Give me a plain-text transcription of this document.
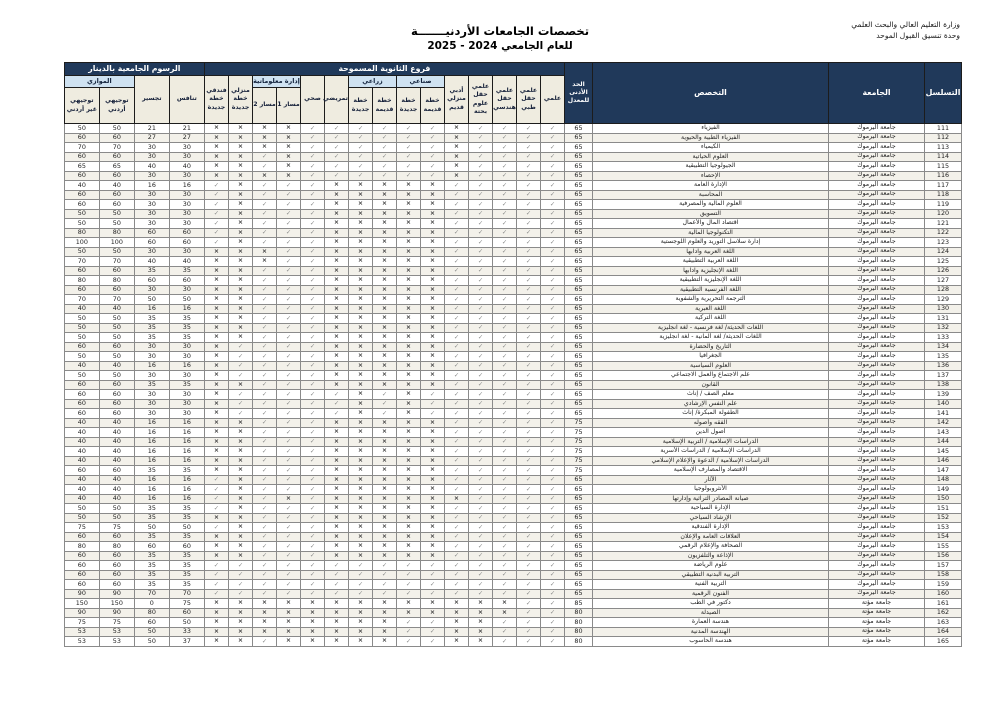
وزارة التعليم العالي والبحث العلمي
وحدة تنسيق القبول الموحد
تخصصات الجامعات الأردنيـــــــة
للعام الجامعي 2024 - 2025
التسلسل	الجامعة	التخصص	الحد الأدنى للمعدل	فروع الثانوية المسموحة															الرسوم الجامعية بالدينار			
				علمي	علمي حقل طبي	علمي حقل هندسي	علمي حقل علوم بحتة	أدبي منزلي قديم	صناعي		زراعي		تمريضي	صحي	إدارة معلوماتية		منزلي خطة جديدة	فندقي خطة جديدة	تنافس	تجسير	الموازي	
									خطة قديمة	خطة جديدة	خطة قديمة	خطة جديدة			مسار 1	مسار 2					توجيهي أردني	توجيهي غير أردني
111	جامعة اليرموك	الفيزياء	65	✓	✓	✓	✓	×	✓	✓	✓	✓	✓	✓	×	×	×	×	21	21	50	50
112	جامعة اليرموك	الفيزياء الطبية والحيوية	65	✓	✓	✓	✓	×	✓	✓	✓	✓	✓	✓	×	×	×	×	27	27	60	60
113	جامعة اليرموك	الكيمياء	65	✓	✓	✓	✓	×	✓	✓	✓	✓	✓	✓	×	×	×	×	30	30	70	70
114	جامعة اليرموك	العلوم الحياتية	65	✓	✓	✓	✓	×	✓	✓	✓	✓	✓	✓	×	✓	×	×	30	30	60	60
115	جامعة اليرموك	الجيولوجيا التطبيقية	65	✓	✓	✓	✓	×	✓	✓	✓	✓	✓	✓	×	✓	×	×	40	40	65	65
116	جامعة اليرموك	الإحصاء	65	✓	✓	✓	✓	×	✓	✓	✓	✓	✓	✓	×	×	×	×	30	30	60	60
117	جامعة اليرموك	الإدارة العامة	65	✓	✓	✓	✓	✓	×	×	×	×	×	✓	✓	✓	×	✓	16	16	40	40
118	جامعة اليرموك	المحاسبة	65	✓	✓	✓	✓	✓	×	×	×	×	×	✓	✓	✓	×	✓	30	30	60	60
119	جامعة اليرموك	العلوم المالية والمصرفية	65	✓	✓	✓	✓	✓	×	×	×	×	×	✓	✓	✓	×	✓	30	30	60	60
120	جامعة اليرموك	التسويق	65	✓	✓	✓	✓	✓	×	×	×	×	×	✓	✓	✓	×	✓	30	30	50	50
121	جامعة اليرموك	اقتصاد المال والأعمال	65	✓	✓	✓	✓	✓	×	×	×	×	×	✓	✓	✓	×	✓	30	30	50	50
122	جامعة اليرموك	التكنولوجيا المالية	65	✓	✓	✓	✓	✓	×	×	×	×	×	✓	✓	✓	×	✓	60	60	80	80
123	جامعة اليرموك	إدارة سلاسل التوريد والعلوم اللوجستية	65	✓	✓	✓	✓	✓	×	×	×	×	×	✓	✓	✓	×	✓	60	60	100	100
124	جامعة اليرموك	اللغة العربية وآدابها	65	✓	✓	✓	✓	✓	×	×	×	×	×	✓	✓	×	×	×	30	30	50	50
125	جامعة اليرموك	اللغة العربية التطبيقية	65	✓	✓	✓	✓	✓	×	×	×	×	×	✓	✓	×	×	×	40	40	70	70
126	جامعة اليرموك	اللغة الإنجليزية وآدابها	65	✓	✓	✓	✓	✓	×	×	×	×	×	✓	✓	✓	×	×	35	35	60	60
127	جامعة اليرموك	اللغة الإنجليزية التطبيقية	65	✓	✓	✓	✓	✓	×	×	×	×	×	✓	✓	✓	×	×	60	60	80	80
128	جامعة اليرموك	اللغة الفرنسية التطبيقية	65	✓	✓	✓	✓	✓	×	×	×	×	×	✓	✓	✓	×	×	30	30	60	60
129	جامعة اليرموك	الترجمة التحريرية والشفوية	65	✓	✓	✓	✓	✓	×	×	×	×	×	✓	✓	✓	×	×	50	50	70	70
130	جامعة اليرموك	اللغة العبرية	65	✓	✓	✓	✓	✓	×	×	×	×	×	✓	✓	✓	×	×	16	16	40	40
131	جامعة اليرموك	اللغة التركية	65	✓	✓	✓	✓	✓	×	×	×	×	×	✓	✓	✓	×	×	35	35	50	50
132	جامعة اليرموك	اللغات الحديثة/ لغة فرنسية - لغة انجليزية	65	✓	✓	✓	✓	✓	×	×	×	×	×	✓	✓	✓	×	×	35	35	50	50
133	جامعة اليرموك	اللغات الحديثة/ لغة ألمانية - لغة انجليزية	65	✓	✓	✓	✓	✓	×	×	×	×	×	✓	✓	✓	×	×	35	35	50	50
134	جامعة اليرموك	التاريخ والحضارة	65	✓	✓	✓	✓	✓	×	×	×	×	×	✓	✓	✓	✓	×	30	30	60	60
135	جامعة اليرموك	الجغرافيا	65	✓	✓	✓	✓	✓	×	×	×	×	×	✓	✓	✓	✓	×	30	30	50	50
136	جامعة اليرموك	العلوم السياسية	65	✓	✓	✓	✓	✓	×	×	×	×	×	✓	✓	✓	✓	×	16	16	40	40
137	جامعة اليرموك	علم الاجتماع والعمل الاجتماعي	65	✓	✓	✓	✓	✓	×	×	×	×	×	✓	✓	✓	✓	×	30	30	50	50
138	جامعة اليرموك	القانون	65	✓	✓	✓	✓	✓	×	×	×	×	×	✓	✓	✓	×	×	35	35	60	60
139	جامعة اليرموك	معلم الصف / إناث	65	✓	✓	✓	✓	✓	✓	×	✓	×	✓	✓	✓	✓	✓	×	30	30	60	60
140	جامعة اليرموك	علم النفس الإرشادي	65	✓	✓	✓	✓	✓	✓	×	✓	×	✓	✓	✓	✓	✓	×	30	30	60	60
141	جامعة اليرموك	الطفولة المبكرة/ إناث	65	✓	✓	✓	✓	✓	✓	×	✓	×	✓	✓	✓	✓	✓	×	30	30	60	60
142	جامعة اليرموك	الفقه وأصوله	75	✓	✓	✓	✓	✓	×	×	×	×	×	✓	✓	✓	×	×	16	16	40	40
143	جامعة اليرموك	أصول الدين	75	✓	✓	✓	✓	✓	×	×	×	×	×	✓	✓	✓	×	×	16	16	40	40
144	جامعة اليرموك	الدراسات الإسلامية / التربية الإسلامية	75	✓	✓	✓	✓	✓	×	×	×	×	×	✓	✓	✓	×	×	16	16	40	40
145	جامعة اليرموك	الدراسات الإسلامية / الدراسات الأسرية	75	✓	✓	✓	✓	✓	×	×	×	×	×	✓	✓	✓	×	×	16	16	40	40
146	جامعة اليرموك	الدراسات الإسلامية / الدعوة والإعلام الإسلامي	75	✓	✓	✓	✓	✓	×	×	×	×	×	✓	✓	✓	×	×	16	16	40	40
147	جامعة اليرموك	الاقتصاد والمصارف الإسلامية	75	✓	✓	✓	✓	✓	×	×	×	×	×	✓	✓	✓	×	×	35	35	60	60
148	جامعة اليرموك	الآثار	65	✓	✓	✓	✓	✓	×	×	×	×	×	✓	✓	✓	×	✓	16	16	40	40
149	جامعة اليرموك	الأنثروبولوجيا	65	✓	✓	✓	✓	✓	×	×	×	×	×	✓	✓	✓	×	✓	16	16	40	40
150	جامعة اليرموك	صيانة المصادر التراثية وإدارتها	65	✓	✓	✓	✓	×	×	×	×	×	×	✓	×	✓	×	✓	16	16	40	40
151	جامعة اليرموك	الإدارة السياحية	65	✓	✓	✓	✓	✓	×	×	×	×	×	✓	✓	✓	×	✓	35	35	50	50
152	جامعة اليرموك	الإرشاد السياحي	65	✓	✓	✓	✓	✓	×	×	×	×	×	✓	✓	✓	×	×	35	35	50	50
153	جامعة اليرموك	الإدارة الفندقية	65	✓	✓	✓	✓	✓	×	×	×	×	×	✓	✓	✓	×	✓	50	50	75	75
154	جامعة اليرموك	العلاقات العامة والإعلان	65	✓	✓	✓	✓	✓	×	×	×	×	×	✓	✓	✓	×	×	35	35	60	60
155	جامعة اليرموك	الصحافة والإعلام الرقمي	65	✓	✓	✓	✓	✓	×	×	×	×	×	✓	✓	✓	×	×	60	60	80	80
156	جامعة اليرموك	الإذاعة والتلفزيون	65	✓	✓	✓	✓	✓	×	×	×	×	×	✓	✓	✓	×	×	35	35	60	60
157	جامعة اليرموك	علوم الرياضة	65	✓	✓	✓	✓	✓	✓	✓	✓	✓	✓	✓	✓	✓	✓	✓	35	35	60	60
158	جامعة اليرموك	التربية البدنية التطبيقي	65	✓	✓	✓	✓	✓	✓	✓	✓	✓	✓	✓	✓	✓	✓	✓	35	35	60	60
159	جامعة اليرموك	التربية الفنية	65	✓	✓	✓	✓	✓	✓	✓	✓	✓	✓	✓	✓	✓	✓	✓	35	35	60	60
160	جامعة اليرموك	الفنون الرقمية	65	✓	✓	✓	✓	✓	✓	✓	✓	✓	✓	✓	✓	✓	✓	✓	70	70	90	90
161	جامعة مؤتة	دكتور في الطب	85	✓	✓	×	×	×	×	×	×	×	×	×	×	×	×	×	75	0	150	150
162	جامعة مؤتة	الصيدلة	80	✓	✓	×	×	×	×	×	×	×	×	×	×	×	×	×	60	80	90	90
163	جامعة مؤتة	هندسة العمارة	80	✓	✓	✓	×	×	✓	✓	×	×	×	×	×	×	×	×	50	60	75	75
164	جامعة مؤتة	الهندسة المدنية	80	✓	✓	✓	×	×	✓	✓	×	×	×	×	×	×	×	×	33	50	53	53
165	جامعة مؤتة	هندسة الحاسوب	80	✓	✓	✓	×	×	✓	✓	×	×	×	×	×	✓	×	×	37	50	53	53
